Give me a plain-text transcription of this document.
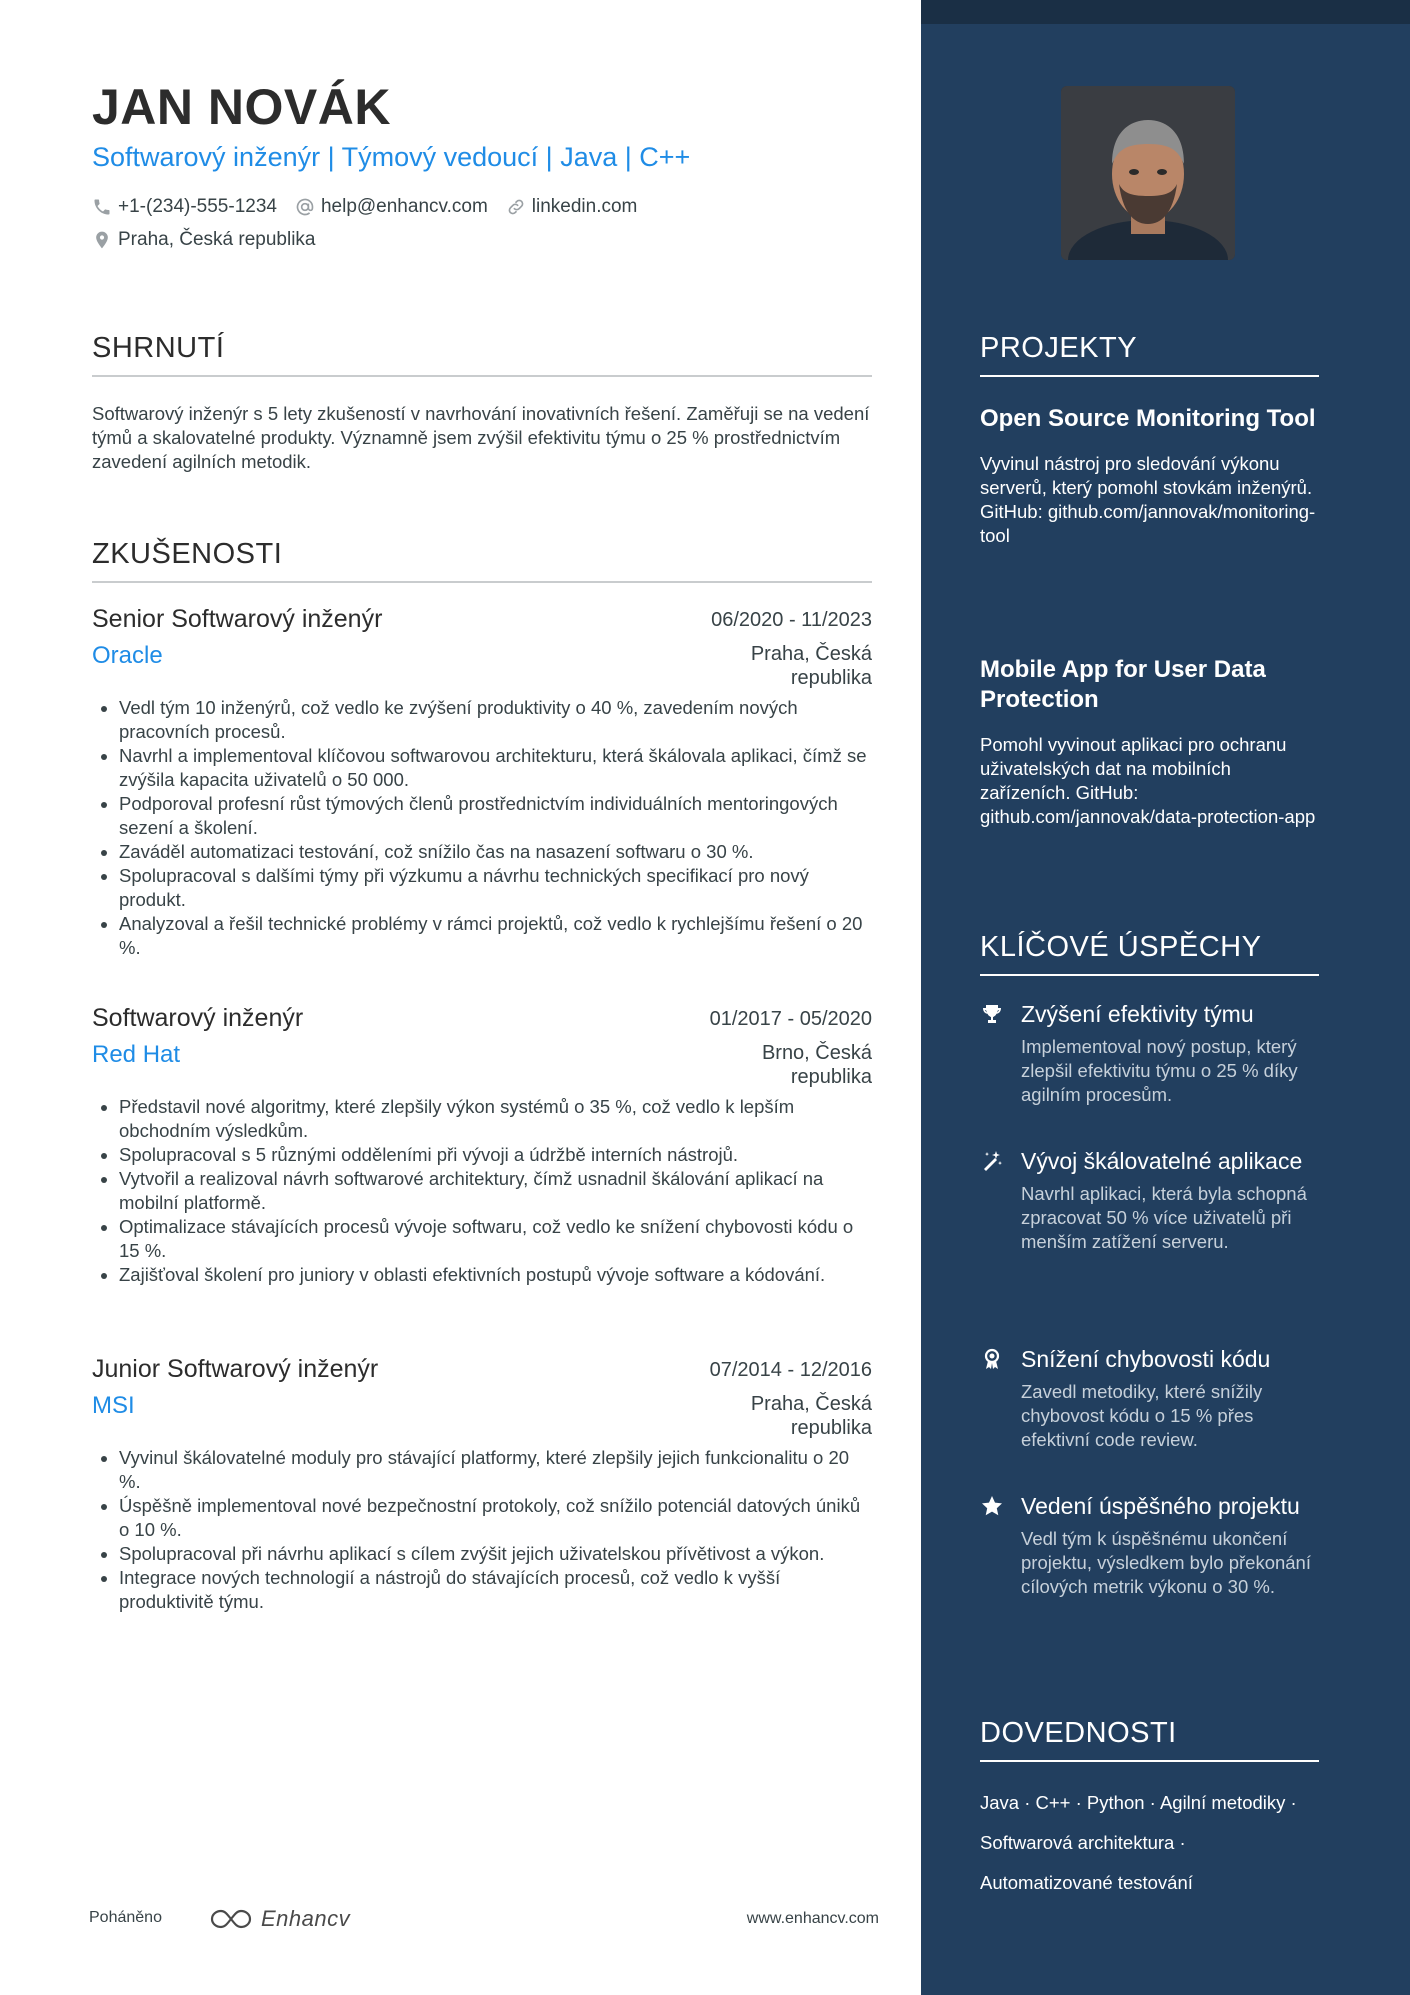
JAN NOVÁK
Softwarový inženýr | Týmový vedoucí | Java | C++
+1-(234)-555-1234 help@enhancv.com linkedin.com
Praha, Česká republika
SHRNUTÍ
Softwarový inženýr s 5 lety zkušeností v navrhování inovativních řešení. Zaměřuji se na vedení týmů a skalovatelné produkty. Významně jsem zvýšil efektivitu týmu o 25 % prostřednictvím zavedení agilních metodik.
ZKUŠENOSTI
Senior Softwarový inženýr	06/2020 - 11/2023
Oracle	Praha, Česká republika
• Vedl tým 10 inženýrů, což vedlo ke zvýšení produktivity o 40 %, zavedením nových pracovních procesů.
• Navrhl a implementoval klíčovou softwarovou architekturu, která škálovala aplikaci, čímž se zvýšila kapacita uživatelů o 50 000.
• Podporoval profesní růst týmových členů prostřednictvím individuálních mentoringových sezení a školení.
• Zaváděl automatizaci testování, což snížilo čas na nasazení softwaru o 30 %.
• Spolupracoval s dalšími týmy při výzkumu a návrhu technických specifikací pro nový produkt.
• Analyzoval a řešil technické problémy v rámci projektů, což vedlo k rychlejšímu řešení o 20 %.
Softwarový inženýr	01/2017 - 05/2020
Red Hat	Brno, Česká republika
• Představil nové algoritmy, které zlepšily výkon systémů o 35 %, což vedlo k lepším obchodním výsledkům.
• Spolupracoval s 5 různými odděleními při vývoji a údržbě interních nástrojů.
• Vytvořil a realizoval návrh softwarové architektury, čímž usnadnil škálování aplikací na mobilní platformě.
• Optimalizace stávajících procesů vývoje softwaru, což vedlo ke snížení chybovosti kódu o 15 %.
• Zajišťoval školení pro juniory v oblasti efektivních postupů vývoje software a kódování.
Junior Softwarový inženýr	07/2014 - 12/2016
MSI	Praha, Česká republika
• Vyvinul škálovatelné moduly pro stávající platformy, které zlepšily jejich funkcionalitu o 20 %.
• Úspěšně implementoval nové bezpečnostní protokoly, což snížilo potenciál datových úniků o 10 %.
• Spolupracoval při návrhu aplikací s cílem zvýšit jejich uživatelskou přívětivost a výkon.
• Integrace nových technologií a nástrojů do stávajících procesů, což vedlo k vyšší produktivitě týmu.
PROJEKTY
Open Source Monitoring Tool
Vyvinul nástroj pro sledování výkonu serverů, který pomohl stovkám inženýrů. GitHub: github.com/jannovak/monitoring-tool
Mobile App for User Data Protection
Pomohl vyvinout aplikaci pro ochranu uživatelských dat na mobilních zařízeních. GitHub: github.com/jannovak/data-protection-app
KLÍČOVÉ ÚSPĚCHY
Zvýšení efektivity týmu
Implementoval nový postup, který zlepšil efektivitu týmu o 25 % díky agilním procesům.
Vývoj škálovatelné aplikace
Navrhl aplikaci, která byla schopná zpracovat 50 % více uživatelů při menším zatížení serveru.
Snížení chybovosti kódu
Zavedl metodiky, které snížily chybovost kódu o 15 % přes efektivní code review.
Vedení úspěšného projektu
Vedl tým k úspěšnému ukončení projektu, výsledkem bylo překonání cílových metrik výkonu o 30 %.
DOVEDNOSTI
Java · C++ · Python · Agilní metodiky ·
Softwarová architektura ·
Automatizované testování
Poháněno	Enhancv	www.enhancv.com
